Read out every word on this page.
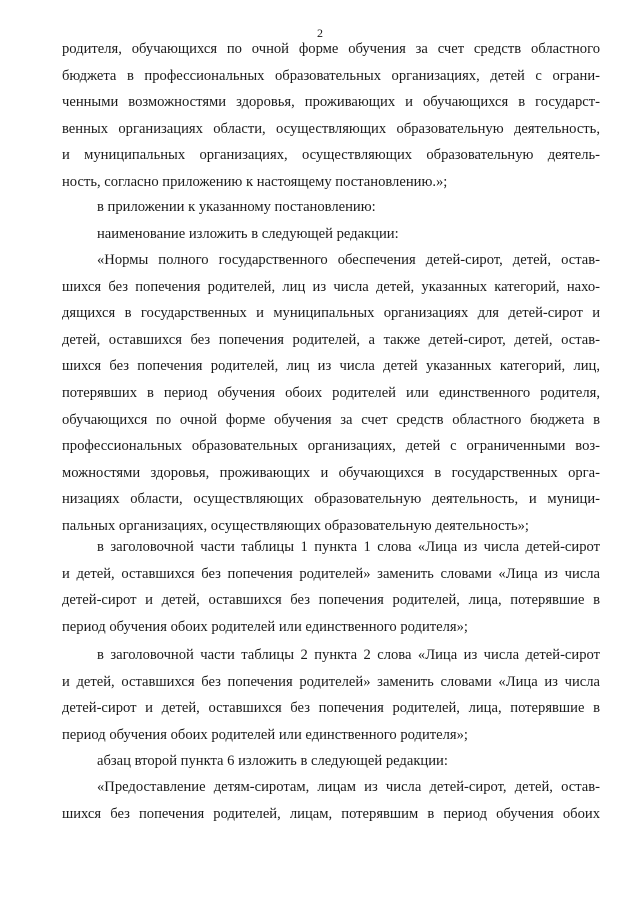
2
родителя, обучающихся по очной форме обучения за счет средств областного
бюджета в профессиональных образовательных организациях, детей с ограни-
ченными возможностями здоровья, проживающих и обучающихся в государст-
венных организациях области, осуществляющих образовательную деятельность,
и муниципальных организациях, осуществляющих образовательную деятель-
ность, согласно приложению к настоящему постановлению.»;
в приложении к указанному постановлению:
наименование изложить в следующей редакции:
«Нормы полного государственного обеспечения детей-сирот, детей, остав-
шихся без попечения родителей, лиц из числа детей, указанных категорий, нахо-
дящихся в государственных и муниципальных организациях для детей-сирот и
детей, оставшихся без попечения родителей, а также детей-сирот, детей, остав-
шихся без попечения родителей, лиц из числа детей указанных категорий, лиц,
потерявших в период обучения обоих родителей или единственного родителя,
обучающихся по очной форме обучения за счет средств областного бюджета в
профессиональных образовательных организациях, детей с ограниченными воз-
можностями здоровья, проживающих и обучающихся в государственных орга-
низациях области, осуществляющих образовательную деятельность, и муници-
пальных организациях, осуществляющих образовательную деятельность»;
в заголовочной части таблицы 1 пункта 1 слова «Лица из числа детей-сирот
и детей, оставшихся без попечения родителей» заменить словами «Лица из числа
детей-сирот и детей, оставшихся без попечения родителей, лица, потерявшие в
период обучения обоих родителей или единственного родителя»;
в заголовочной части таблицы 2 пункта 2 слова «Лица из числа детей-сирот
и детей, оставшихся без попечения родителей» заменить словами «Лица из числа
детей-сирот и детей, оставшихся без попечения родителей, лица, потерявшие в
период обучения обоих родителей или единственного родителя»;
абзац второй пункта 6 изложить в следующей редакции:
«Предоставление детям-сиротам, лицам из числа детей-сирот, детей, остав-
шихся без попечения родителей, лицам, потерявшим в период обучения обоих
